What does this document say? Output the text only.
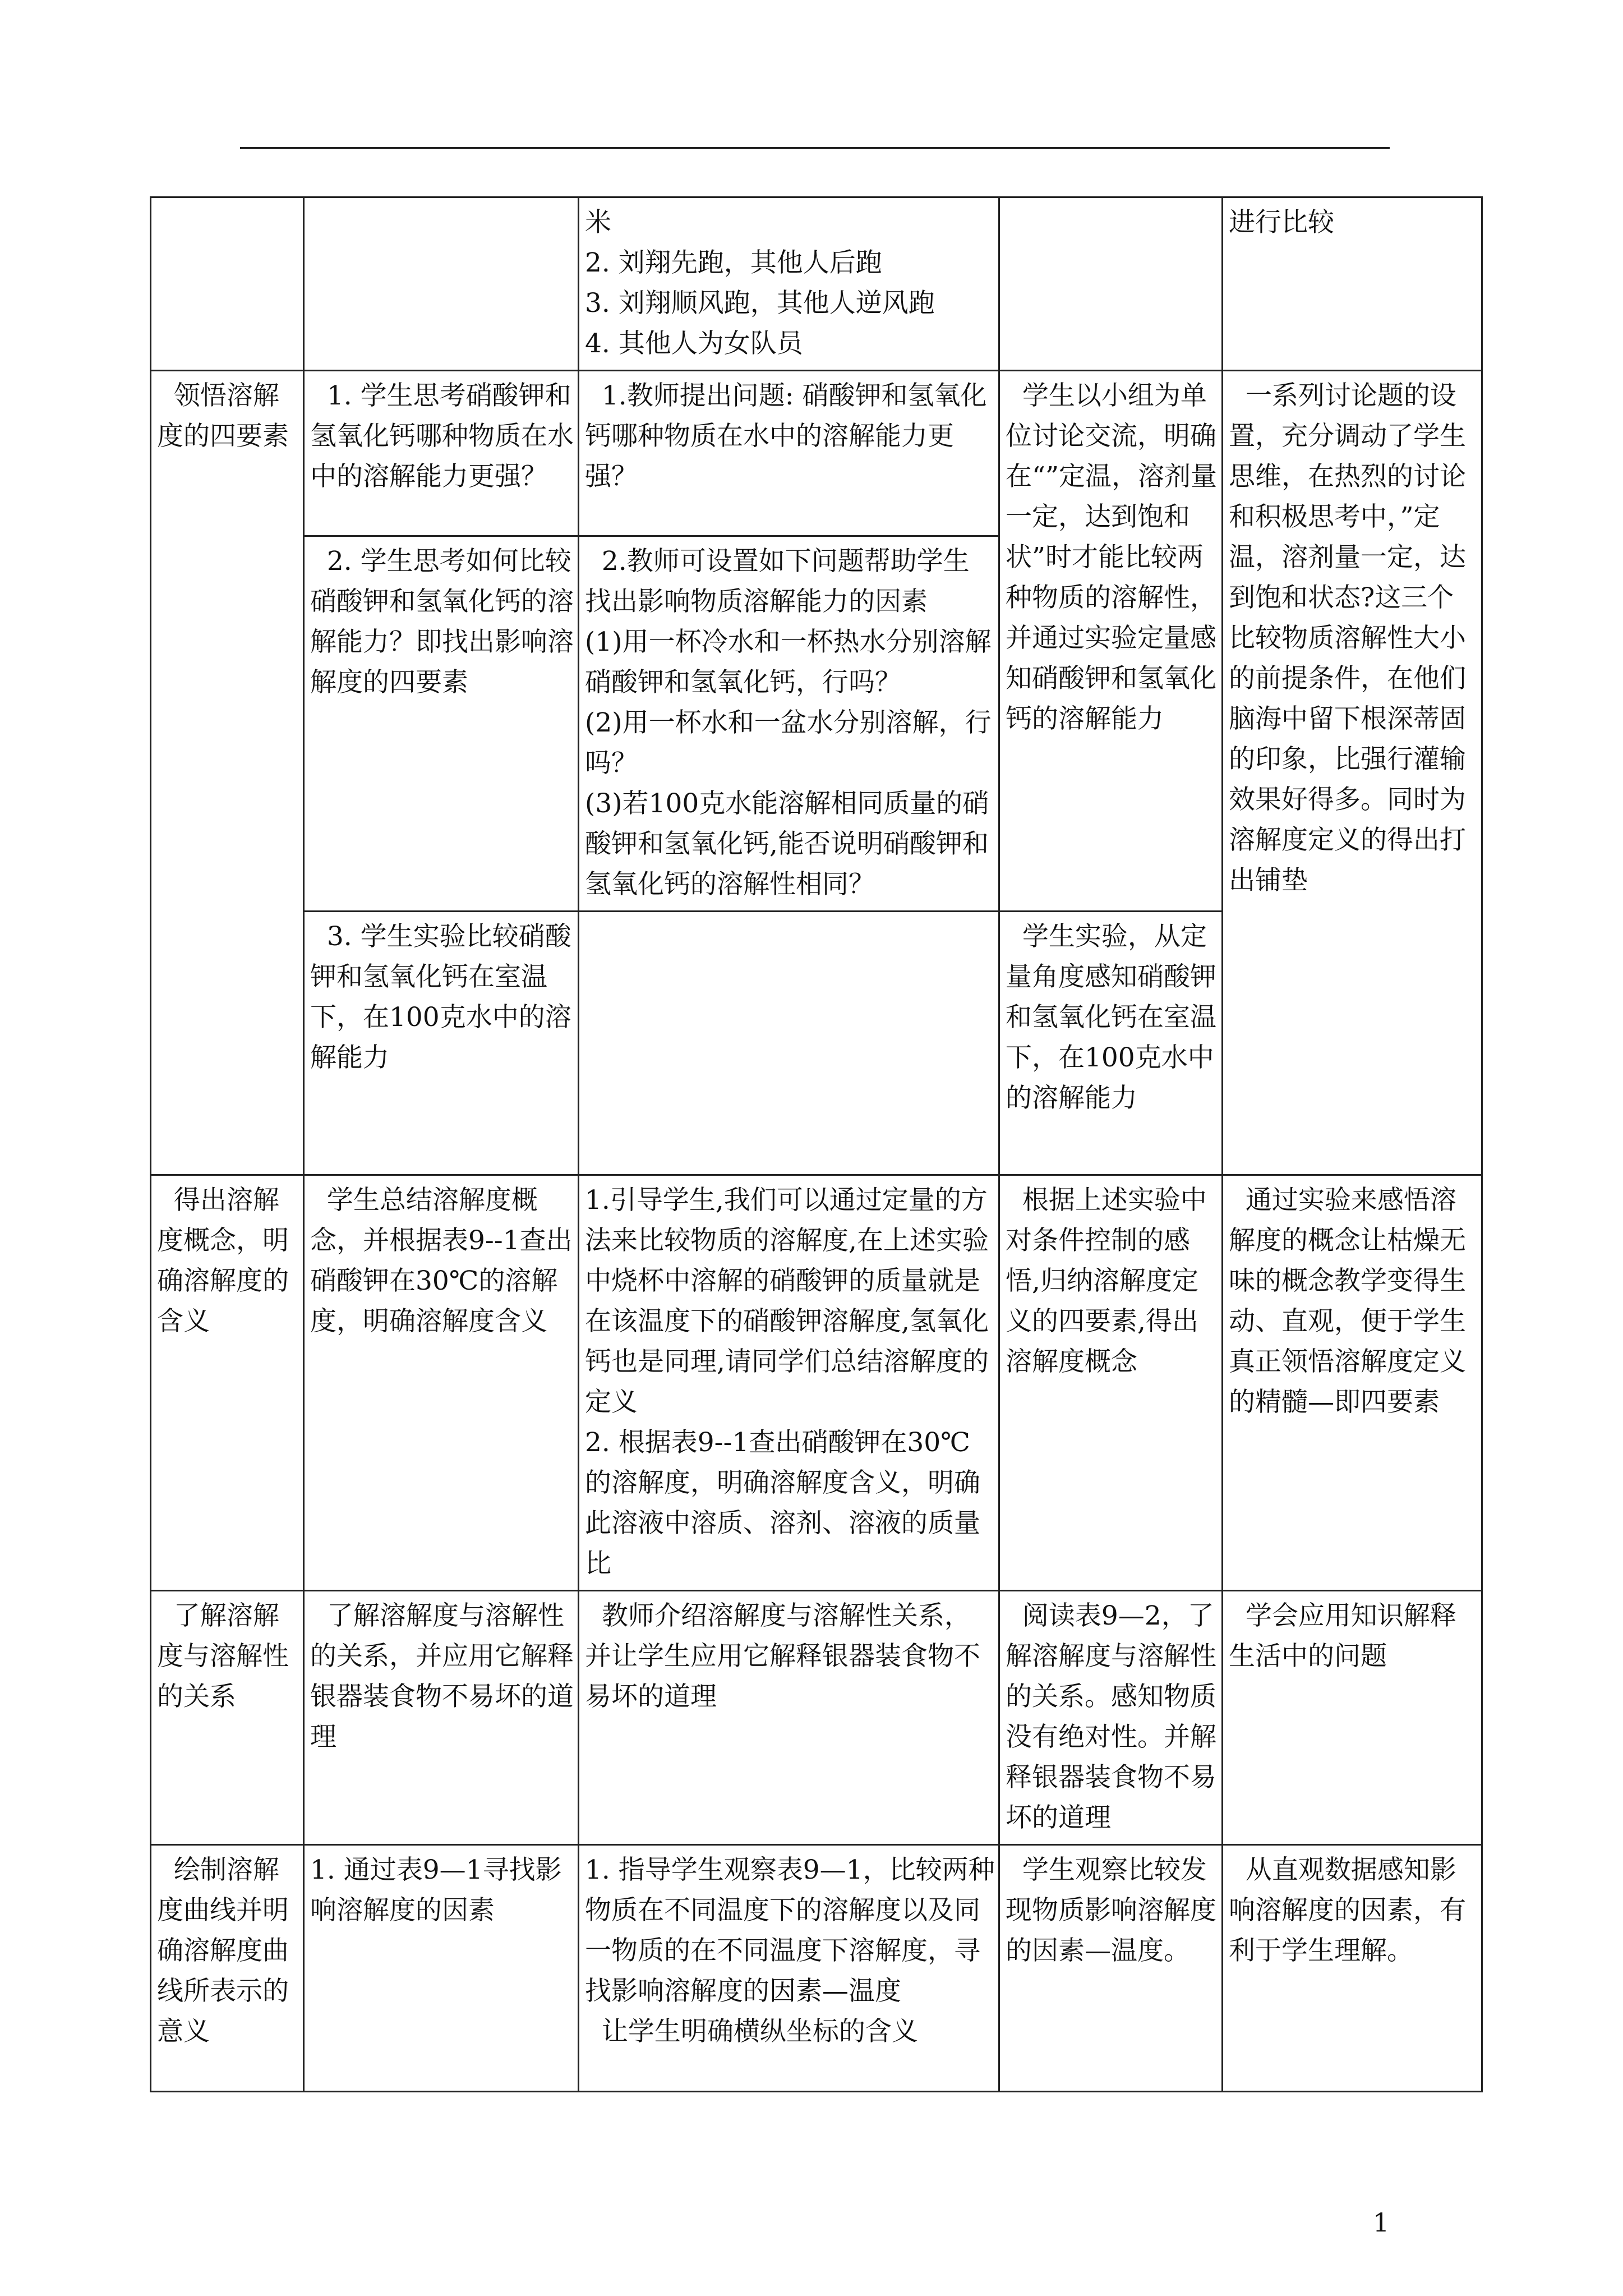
		米
2. 刘翔先跑，其他人后跑
3. 刘翔顺风跑，其他人逆风跑
4. 其他人为女队员		进行比较
领悟溶解度的四要素	1. 学生思考硝酸钾和氢氧化钙哪种物质在水中的溶解能力更强？	1.教师提出问题: 硝酸钾和氢氧化钙哪种物质在水中的溶解能力更强？	学生以小组为单位讨论交流，明确在“”定温，溶剂量一定，达到饱和状”时才能比较两种物质的溶解性，并通过实验定量感知硝酸钾和氢氧化钙的溶解能力	一系列讨论题的设置，充分调动了学生思维，在热烈的讨论和积极思考中，”定温，溶剂量一定，达到饱和状态?这三个比较物质溶解性大小的前提条件，在他们脑海中留下根深蒂固的印象，比强行灌输效果好得多。同时为溶解度定义的得出打出铺垫
	2. 学生思考如何比较硝酸钾和氢氧化钙的溶解能力？即找出影响溶解度的四要素	2.教师可设置如下问题帮助学生找出影响物质溶解能力的因素
(1)用一杯冷水和一杯热水分别溶解硝酸钾和氢氧化钙，行吗？
(2)用一杯水和一盆水分别溶解，行吗？
(3)若100克水能溶解相同质量的硝酸钾和氢氧化钙,能否说明硝酸钾和氢氧化钙的溶解性相同？		
	3. 学生实验比较硝酸钾和氢氧化钙在室温下，在100克水中的溶解能力		学生实验，从定量角度感知硝酸钾和氢氧化钙在室温下，在100克水中的溶解能力	
得出溶解度概念，明确溶解度的含义	学生总结溶解度概念，并根据表9--1查出硝酸钾在30℃的溶解度，明确溶解度含义	1.引导学生,我们可以通过定量的方法来比较物质的溶解度,在上述实验中烧杯中溶解的硝酸钾的质量就是在该温度下的硝酸钾溶解度,氢氧化钙也是同理,请同学们总结溶解度的定义
2. 根据表9--1查出硝酸钾在30℃的溶解度，明确溶解度含义，明确此溶液中溶质、溶剂、溶液的质量比	根据上述实验中对条件控制的感悟,归纳溶解度定义的四要素,得出溶解度概念	通过实验来感悟溶解度的概念让枯燥无味的概念教学变得生动、直观，便于学生真正领悟溶解度定义的精髓—即四要素
了解溶解度与溶解性的关系	了解溶解度与溶解性的关系，并应用它解释银器装食物不易坏的道理	教师介绍溶解度与溶解性关系，并让学生应用它解释银器装食物不易坏的道理	阅读表9—2，了解溶解度与溶解性的关系。感知物质没有绝对性。并解释银器装食物不易坏的道理	学会应用知识解释生活中的问题
绘制溶解度曲线并明确溶解度曲线所表示的意义	1. 通过表9—1寻找影响溶解度的因素	1. 指导学生观察表9—1，比较两种物质在不同温度下的溶解度以及同一物质的在不同温度下溶解度，寻找影响溶解度的因素—温度
让学生明确横纵坐标的含义	学生观察比较发现物质影响溶解度的因素—温度。	从直观数据感知影响溶解度的因素，有利于学生理解。
1
